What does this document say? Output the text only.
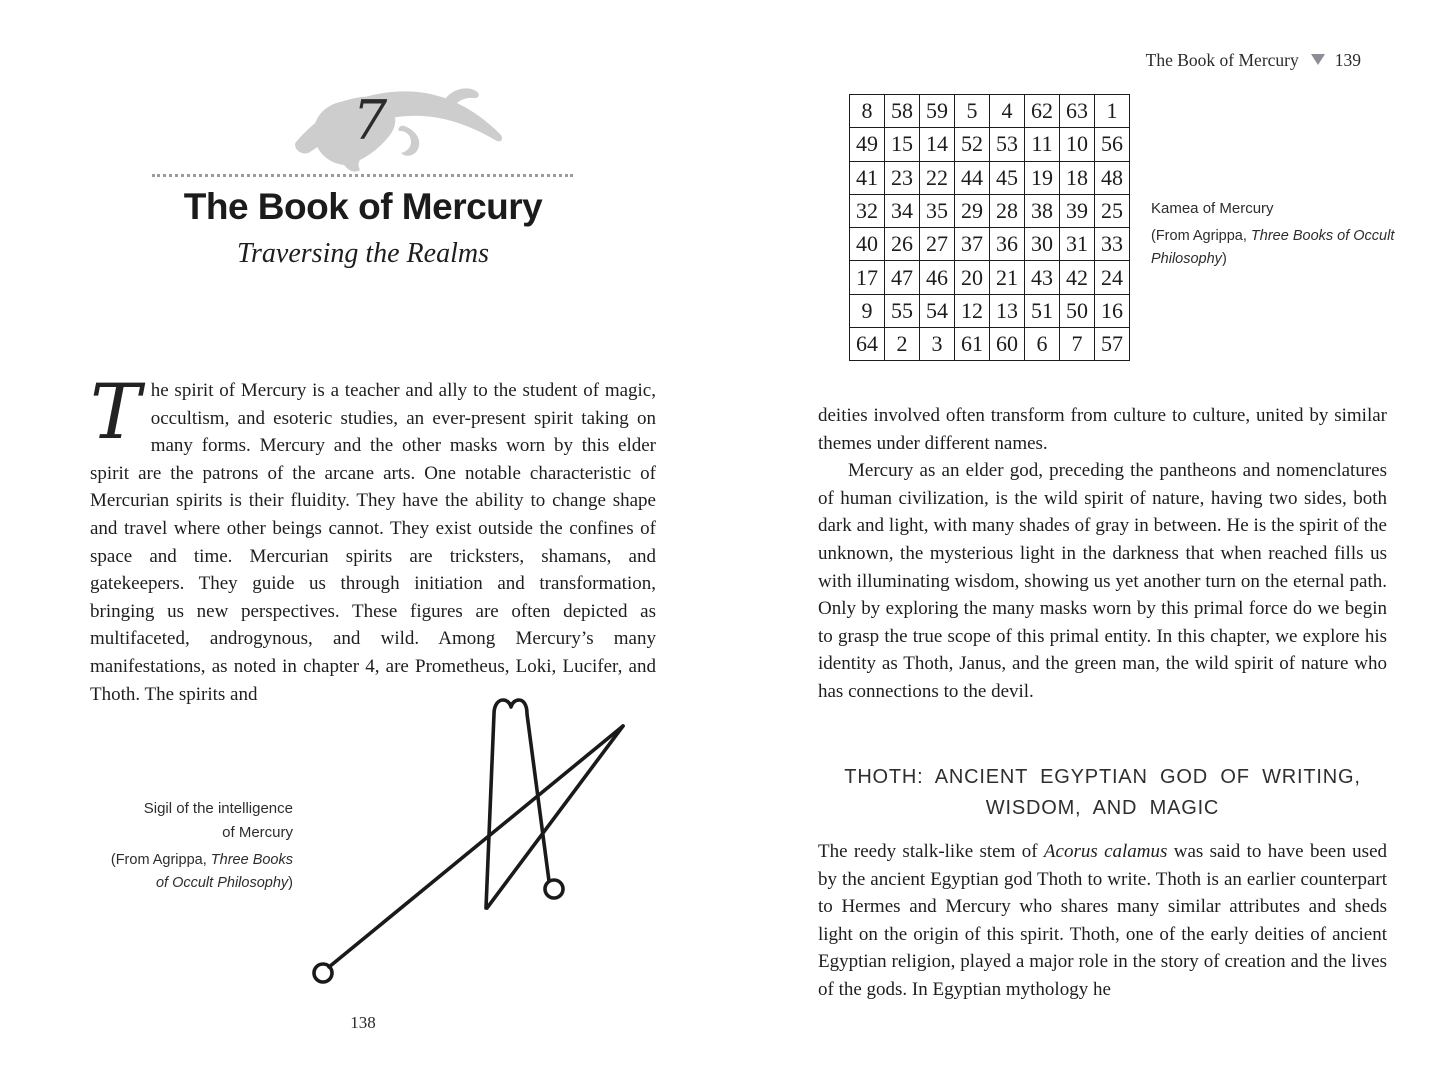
7
The Book of Mercury
Traversing the Realms
The spirit of Mercury is a teacher and ally to the student of magic, occultism, and esoteric studies, an ever-present spirit taking on many forms. Mercury and the other masks worn by this elder spirit are the patrons of the arcane arts. One notable characteristic of Mercurian spirits is their fluidity. They have the ability to change shape and travel where other beings cannot. They exist outside the confines of space and time. Mercurian spirits are tricksters, shamans, and gatekeepers. They guide us through initiation and transformation, bringing us new perspectives. These figures are often depicted as multifaceted, androgynous, and wild. Among Mercury’s many manifestations, as noted in chapter 4, are Prometheus, Loki, Lucifer, and Thoth. The spirits and
Sigil of the intelligence
of Mercury
(From Agrippa, Three Books of Occult Philosophy)
138
The Book of Mercury 139
8	58	59	5	4	62	63	1
49	15	14	52	53	11	10	56
41	23	22	44	45	19	18	48
32	34	35	29	28	38	39	25
40	26	27	37	36	30	31	33
17	47	46	20	21	43	42	24
9	55	54	12	13	51	50	16
64	2	3	61	60	6	7	57
Kamea of Mercury
(From Agrippa, Three Books of Occult Philosophy)

deities involved often transform from culture to culture, united by similar themes under different names.

Mercury as an elder god, preceding the pantheons and nomenclatures of human civilization, is the wild spirit of nature, having two sides, both dark and light, with many shades of gray in between. He is the spirit of the unknown, the mysterious light in the darkness that when reached fills us with illuminating wisdom, showing us yet another turn on the eternal path. Only by exploring the many masks worn by this primal force do we begin to grasp the true scope of this primal entity. In this chapter, we explore his identity as Thoth, Janus, and the green man, the wild spirit of nature who has connections to the devil.

THOTH: ANCIENT EGYPTIAN GOD OF WRITING, WISDOM, AND MAGIC

The reedy stalk-like stem of Acorus calamus was said to have been used by the ancient Egyptian god Thoth to write. Thoth is an earlier counterpart to Hermes and Mercury who shares many similar attributes and sheds light on the origin of this spirit. Thoth, one of the early deities of ancient Egyptian religion, played a major role in the story of creation and the lives of the gods. In Egyptian mythology he
